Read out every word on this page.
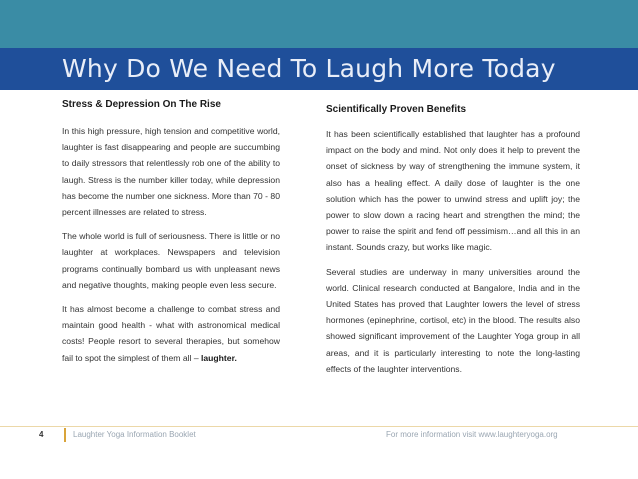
Why Do We Need To Laugh More Today
Stress & Depression On The Rise

In this high pressure, high tension and competitive world, laughter is fast disappearing and people are succumbing to daily stressors that relentlessly rob one of the ability to laugh. Stress is the number killer today, while depression has become the number one sickness. More than 70 - 80 percent illnesses are related to stress.

The whole world is full of seriousness. There is little or no laughter at workplaces. Newspapers and television programs continually bombard us with unpleasant news and negative thoughts, making people even less secure.

It has almost become a challenge to combat stress and maintain good health - what with astronomical medical costs! People resort to several therapies, but somehow fail to spot the simplest of them all – laughter.

Scientifically Proven Benefits

It has been scientifically established that laughter has a profound impact on the body and mind. Not only does it help to prevent the onset of sickness by way of strengthening the immune system, it also has a healing effect. A daily dose of laughter is the one solution which has the power to unwind stress and uplift joy; the power to slow down a racing heart and strengthen the mind; the power to raise the spirit and fend off pessimism…and all this in an instant. Sounds crazy, but works like magic.

Several studies are underway in many universities around the world. Clinical research conducted at Bangalore, India and in the United States has proved that Laughter lowers the level of stress hormones (epinephrine, cortisol, etc) in the blood. The results also showed significant improvement of the Laughter Yoga group in all areas, and it is particularly interesting to note the long-lasting effects of the laughter interventions.

4	Laughter Yoga Information Booklet	For more information visit www.laughteryoga.org
